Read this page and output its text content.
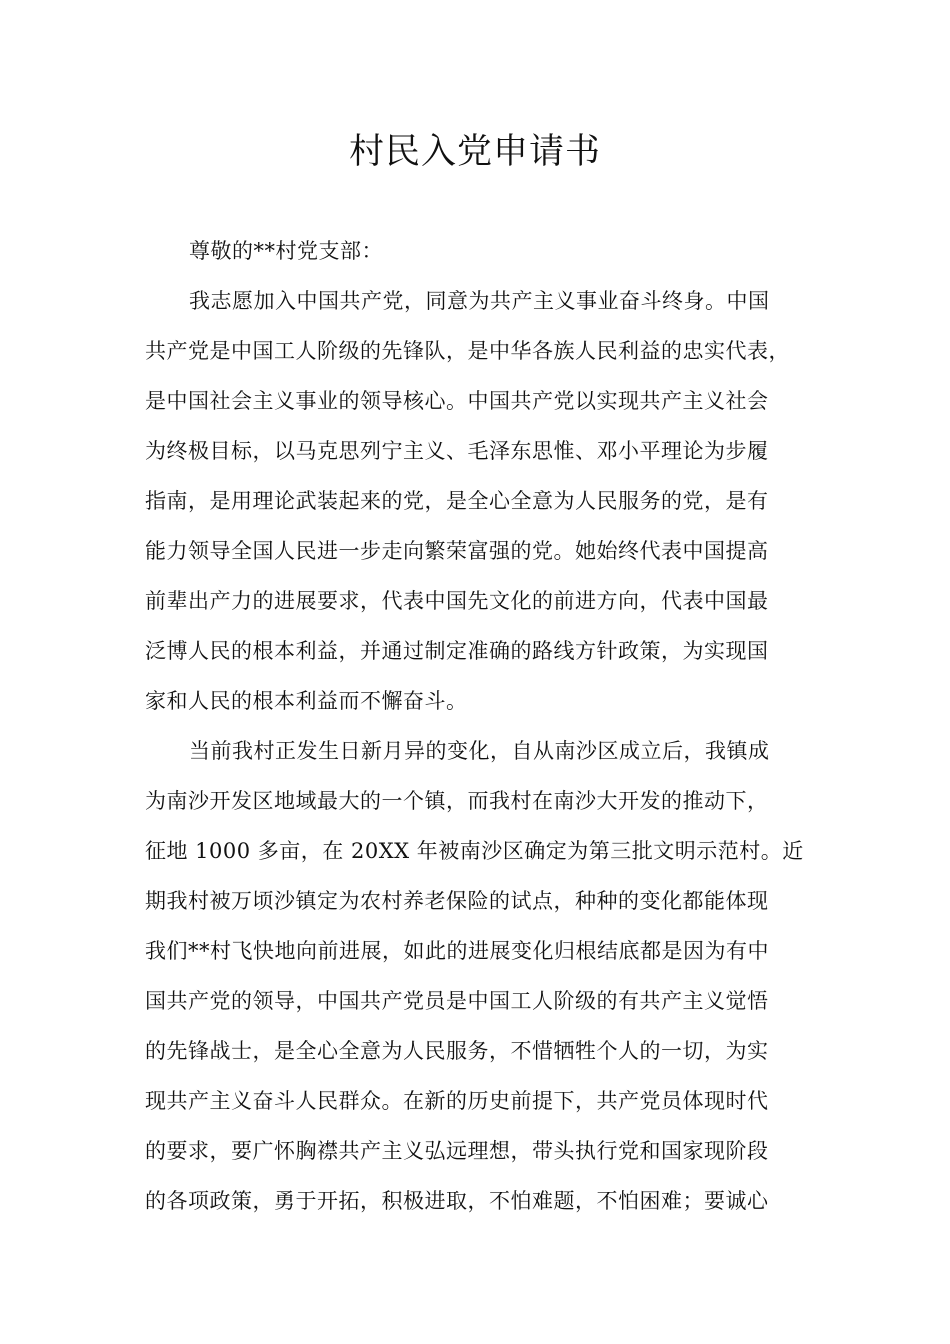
村民入党申请书
尊敬的**村党支部：
我志愿加入中国共产党，同意为共产主义事业奋斗终身。中国
共产党是中国工人阶级的先锋队，是中华各族人民利益的忠实代表，
是中国社会主义事业的领导核心。中国共产党以实现共产主义社会
为终极目标，以马克思列宁主义、毛泽东思惟、邓小平理论为步履
指南，是用理论武装起来的党，是全心全意为人民服务的党，是有
能力领导全国人民进一步走向繁荣富强的党。她始终代表中国提高
前辈出产力的进展要求，代表中国先文化的前进方向，代表中国最
泛博人民的根本利益，并通过制定准确的路线方针政策，为实现国
家和人民的根本利益而不懈奋斗。
当前我村正发生日新月异的变化，自从南沙区成立后，我镇成
为南沙开发区地域最大的一个镇，而我村在南沙大开发的推动下，
征地 1000 多亩，在 20XX 年被南沙区确定为第三批文明示范村。近
期我村被万顷沙镇定为农村养老保险的试点，种种的变化都能体现
我们**村飞快地向前进展，如此的进展变化归根结底都是因为有中
国共产党的领导，中国共产党员是中国工人阶级的有共产主义觉悟
的先锋战士，是全心全意为人民服务，不惜牺牲个人的一切，为实
现共产主义奋斗人民群众。在新的历史前提下，共产党员体现时代
的要求，要广怀胸襟共产主义弘远理想，带头执行党和国家现阶段
的各项政策，勇于开拓，积极进取，不怕难题，不怕困难；要诚心
